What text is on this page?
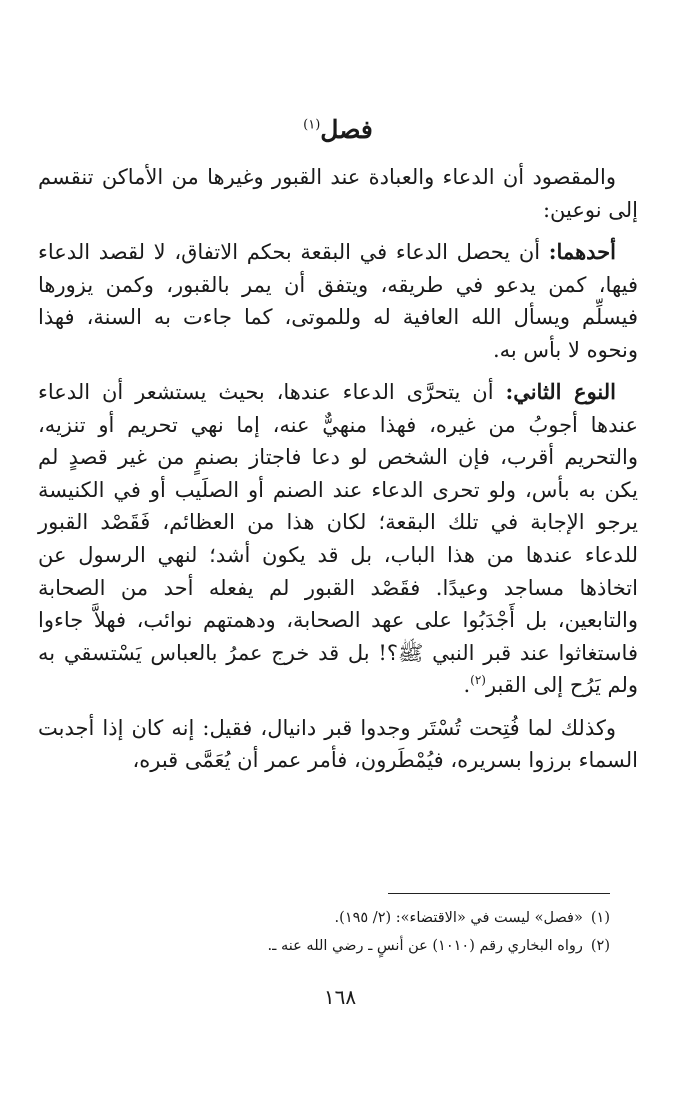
فصل$^{(١)}$

والمقصود أن الدعاء والعبادة عند القبور وغيرها من الأماكن تنقسم إلى نوعين:

أحدهما: أن يحصل الدعاء في البقعة بحكم الاتفاق، لا لقصد الدعاء فيها، كمن يدعو في طريقه، ويتفق أن يمر بالقبور، وكمن يزورها فيسلِّم ويسأل الله العافية له وللموتى، كما جاءت به السنة، فهذا ونحوه لا بأس به.

النوع الثاني: أن يتحرَّى الدعاء عندها، بحيث يستشعر أن الدعاء عندها أجوبُ من غيره، فهذا منهيٌّ عنه، إما نهي تحريم أو تنزيه، والتحريم أقرب، فإن الشخص لو دعا فاجتاز بصنمٍ من غير قصدٍ لم يكن به بأس، ولو تحرى الدعاء عند الصنم أو الصلَيب أو في الكنيسة يرجو الإجابة في تلك البقعة؛ لكان هذا من العظائم، فَقَصْد القبور للدعاء عندها من هذا الباب، بل قد يكون أشد؛ لنهي الرسول عن اتخاذها مساجد وعيدًا. فقَصْد القبور لم يفعله أحد من الصحابة والتابعين، بل أَجْدَبُوا على عهد الصحابة، ودهمتهم نوائب، فهلاَّ جاءوا فاستغاثوا عند قبر النبي ﷺ؟! بل قد خرج عمرُ بالعباس يَسْتسقي به ولم يَرُح إلى القبر$^{(٢)}$.

وكذلك لما فُتِحت تُسْتَر وجدوا قبر دانيال، فقيل: إنه كان إذا أجدبت السماء برزوا بسريره، فيُمْطَرون، فأمر عمر أن يُعَمَّى قبره،

(١)«فصل» ليست في «الاقتضاء»: (٢/ ١٩٥).

(٢)رواه البخاري رقم (١٠١٠) عن أنسٍ ـ رضي الله عنه ـ.

١٦٨
